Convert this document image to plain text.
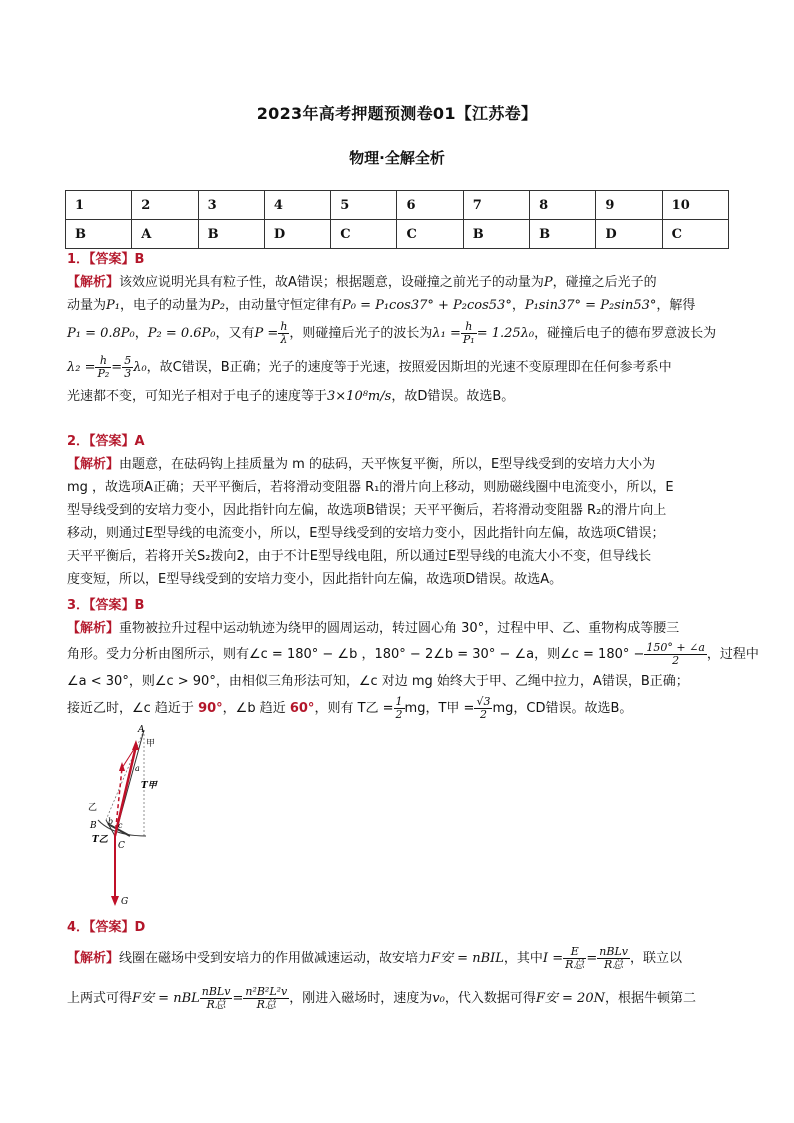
2023年高考押题预测卷01【江苏卷】
物理·全解全析
1	2	3	4	5	6	7	8	9	10
B	A	B	D	C	C	B	B	D	C
1．【答案】B
【解析】该效应说明光具有粒子性，故A错误；根据题意，设碰撞之前光子的动量为P，碰撞之后光子的
动量为P₁，电子的动量为P₂，由动量守恒定律有P₀ = P₁cos37° + P₂cos53°，P₁sin37° = P₂sin53°，解得
P₁ = 0.8P₀，P₂ = 0.6P₀，又有$P = \frac{h}{\lambda}$ ，则碰撞后光子的波长为$\lambda_1 = \frac{h}{\text{P₁}} = 1.25\lambda_0$，碰撞后电子的德布罗意波长为
$\lambda_2 = \frac{h}{\text{P₂}} = \frac{5}{3} \lambda_0$，故C错误，B正确；光子的速度等于光速，按照爱因斯坦的光速不变原理即在任何参考系中
光速都不变，可知光子相对于电子的速度等于3×10⁸m/s，故D错误。故选B。
2．【答案】A
【解析】由题意，在砝码钩上挂质量为 m 的砝码，天平恢复平衡，所以，E型导线受到的安培力大小为
mg ，故选项A正确；天平平衡后，若将滑动变阻器 R₁的滑片向上移动，则励磁线圈中电流变小，所以，E
型导线受到的安培力变小，因此指针向左偏，故选项B错误；天平平衡后，若将滑动变阻器 R₂的滑片向上
移动，则通过E型导线的电流变小，所以，E型导线受到的安培力变小，因此指针向左偏，故选项C错误；
天平平衡后，若将开关S₂拨向2，由于不计E型导线电阻，所以通过E型导线的电流大小不变，但导线长
度变短，所以，E型导线受到的安培力变小，因此指针向左偏，故选项D错误。故选A。
3．【答案】B
【解析】重物被拉升过程中运动轨迹为绕甲的圆周运动，转过圆心角 30°，过程中甲、乙、重物构成等腰三
角形。受力分析由图所示，则有∠c = 180° − ∠b ，180° − 2∠b = 30° − ∠a，则∠c = $180^\circ - \frac{150^\circ + \angle a}{2}$ ，过程中
∠a < 30°，则∠c > 90°，由相似三角形法可知，∠c 对边 mg 始终大于甲、乙绳中拉力，A错误，B正确；
接近乙时，∠c 趋近于 90°，∠b 趋近 60°，则有 T乙 = $\frac{1}{2}$ mg，T甲 = $\frac{√3}{2}$ mg，CD错误。故选B。
A
甲
a
T甲
乙
b c
B
T乙
C
G
4．【答案】D
【解析】线圈在磁场中受到安培力的作用做减速运动，故安培力F安 = nBIL，其中$I = \frac{E}{\text{R总}} = \frac{\text{nBLv}}{\text{R总}}$ ，联立以
上两式可得F安 = nBL $\frac{\text{nBLv}}{\text{R总}} = \frac{\text{n²B²L²v}}{\text{R总}}$ ，刚进入磁场时，速度为v₀，代入数据可得F安 = 20N，根据牛顿第二
